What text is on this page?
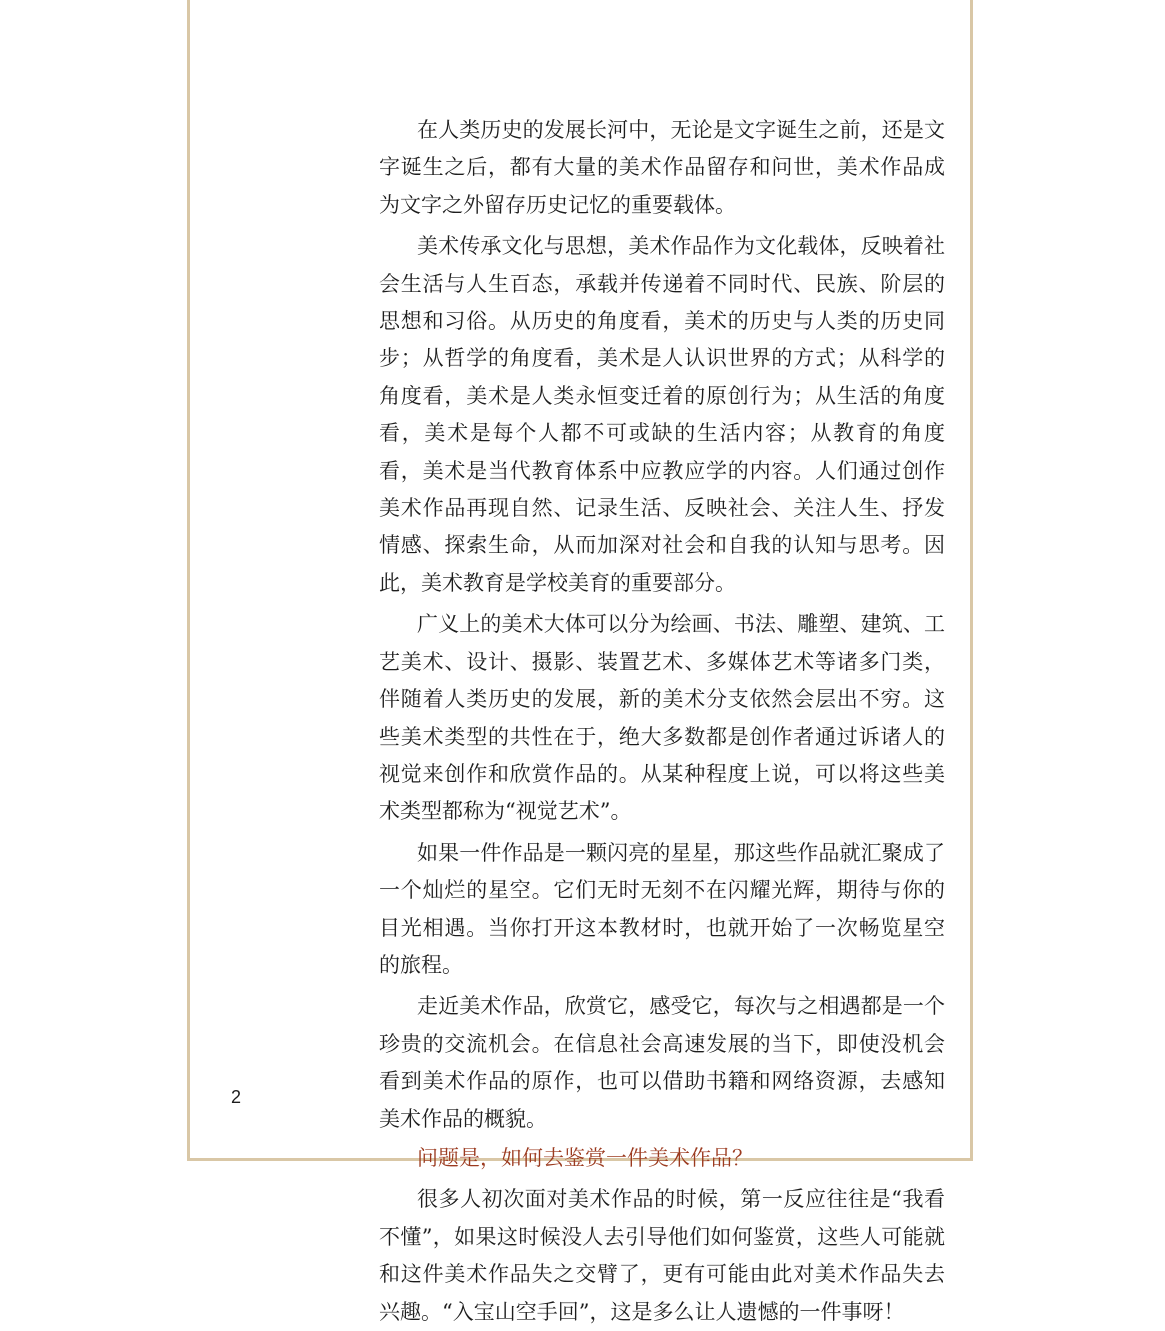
在人类历史的发展长河中，无论是文字诞生之前，还是文字诞生之后，都有大量的美术作品留存和问世，美术作品成为文字之外留存历史记忆的重要载体。

美术传承文化与思想，美术作品作为文化载体，反映着社会生活与人生百态，承载并传递着不同时代、民族、阶层的思想和习俗。从历史的角度看，美术的历史与人类的历史同步；从哲学的角度看，美术是人认识世界的方式；从科学的角度看，美术是人类永恒变迁着的原创行为；从生活的角度看，美术是每个人都不可或缺的生活内容；从教育的角度看，美术是当代教育体系中应教应学的内容。人们通过创作美术作品再现自然、记录生活、反映社会、关注人生、抒发情感、探索生命，从而加深对社会和自我的认知与思考。因此，美术教育是学校美育的重要部分。

广义上的美术大体可以分为绘画、书法、雕塑、建筑、工艺美术、设计、摄影、装置艺术、多媒体艺术等诸多门类，伴随着人类历史的发展，新的美术分支依然会层出不穷。这些美术类型的共性在于，绝大多数都是创作者通过诉诸人的视觉来创作和欣赏作品的。从某种程度上说，可以将这些美术类型都称为“视觉艺术”。

如果一件作品是一颗闪亮的星星，那这些作品就汇聚成了一个灿烂的星空。它们无时无刻不在闪耀光辉，期待与你的目光相遇。当你打开这本教材时，也就开始了一次畅览星空的旅程。

走近美术作品，欣赏它，感受它，每次与之相遇都是一个珍贵的交流机会。在信息社会高速发展的当下，即使没机会看到美术作品的原作，也可以借助书籍和网络资源，去感知美术作品的概貌。

问题是，如何去鉴赏一件美术作品？

很多人初次面对美术作品的时候，第一反应往往是“我看不懂”，如果这时候没人去引导他们如何鉴赏，这些人可能就和这件美术作品失之交臂了，更有可能由此对美术作品失去兴趣。“入宝山空手回”，这是多么让人遗憾的一件事呀！

2
